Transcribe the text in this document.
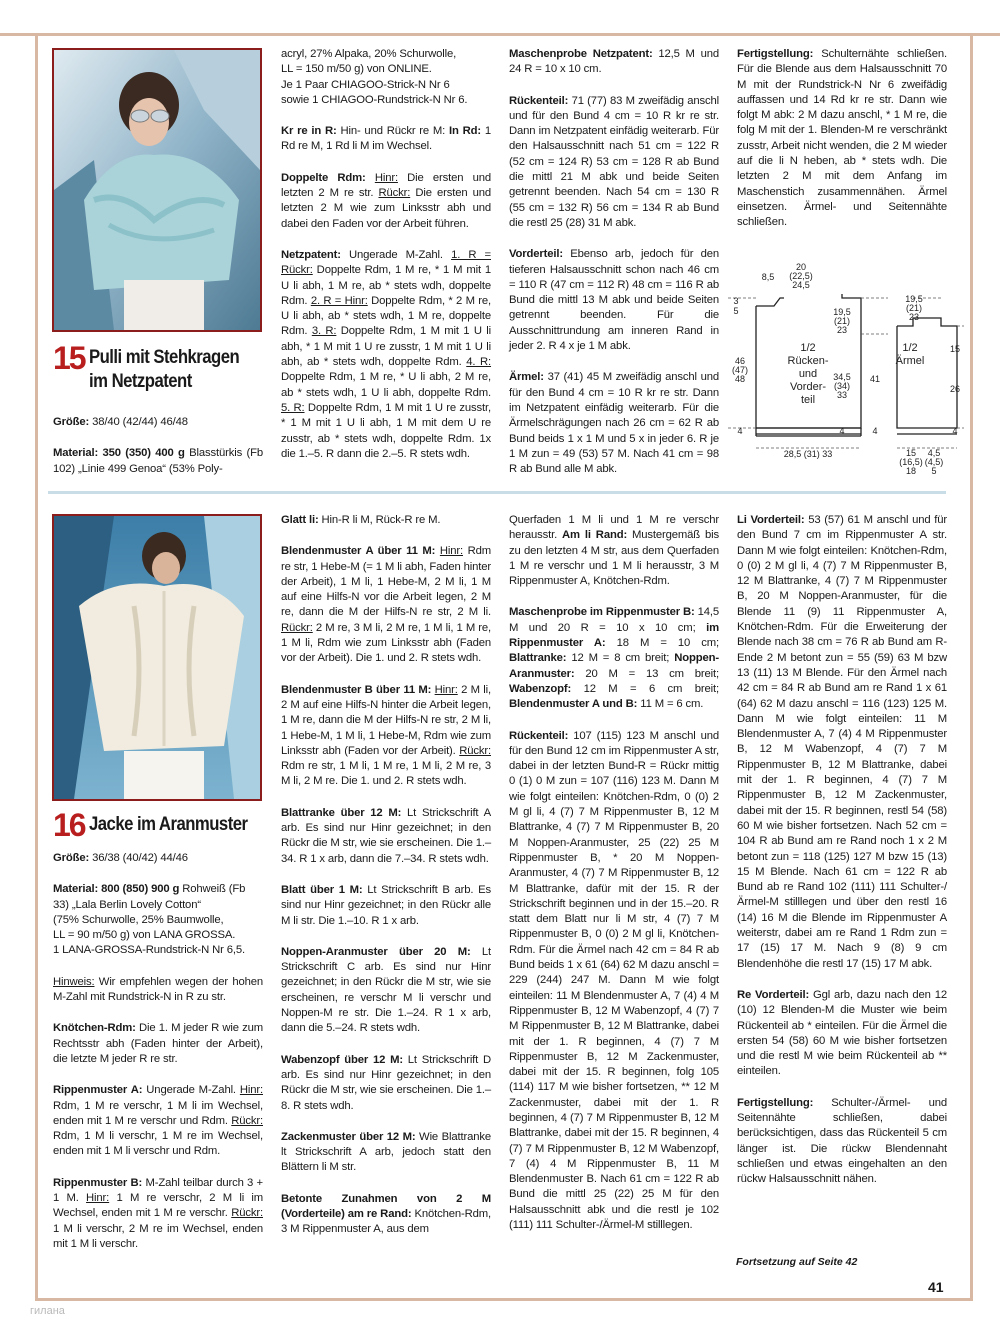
15 Pulli mit Stehkragen
im Netzpatent

Größe: 38/40 (42/44) 46/48

Material: 350 (350) 400 g Blasstürkis (Fb 102) „Linie 499 Genoa“ (53% Poly-

acryl, 27% Alpaka, 20% Schurwolle,
LL = 150 m/50 g) von ONLINE.
Je 1 Paar CHIAGOO-Strick-N Nr 6
sowie 1 CHIAGOO-Rundstrick-N Nr 6.

Kr re in R: Hin- und Rückr re M: In Rd: 1 Rd re M, 1 Rd li M im Wechsel.

Doppelte Rdm: Hinr: Die ersten und letzten 2 M re str. Rückr: Die ersten und letzten 2 M wie zum Linksstr abh und dabei den Faden vor der Arbeit führen.

Netzpatent: Ungerade M-Zahl. 1. R = Rückr: Doppelte Rdm, 1 M re, * 1 M mit 1 U li abh, 1 M re, ab * stets wdh, doppelte Rdm. 2. R = Hinr: Doppelte Rdm, * 2 M re, U li abh, ab * stets wdh, 1 M re, doppelte Rdm. 3. R: Doppelte Rdm, 1 M mit 1 U li abh, * 1 M mit 1 U re zusstr, 1 M mit 1 U li abh, ab * stets wdh, doppelte Rdm. 4. R: Doppelte Rdm, 1 M re, * U li abh, 2 M re, ab * stets wdh, 1 U li abh, doppelte Rdm. 5. R: Doppelte Rdm, 1 M mit 1 U re zusstr, * 1 M mit 1 U li abh, 1 M mit dem U re zusstr, ab * stets wdh, doppelte Rdm. 1x die 1.–5. R dann die 2.–5. R stets wdh.

Maschenprobe Netzpatent: 12,5 M und 24 R = 10 x 10 cm.

Rückenteil: 71 (77) 83 M zweifädig anschl und für den Bund 4 cm = 10 R kr re str. Dann im Netzpatent einfädig weiterarb. Für den Halsausschnitt nach 51 cm = 122 R (52 cm = 124 R) 53 cm = 128 R ab Bund die mittl 21 M abk und beide Seiten getrennt beenden. Nach 54 cm = 130 R (55 cm = 132 R) 56 cm = 134 R ab Bund die restl 25 (28) 31 M abk.

Vorderteil: Ebenso arb, jedoch für den tieferen Halsausschnitt schon nach 46 cm = 110 R (47 cm = 112 R) 48 cm = 116 R ab Bund die mittl 13 M abk und beide Seiten getrennt beenden. Für die Ausschnittrundung am inneren Rand in jeder 2. R 4 x je 1 M abk.

Ärmel: 37 (41) 45 M zweifädig anschl und für den Bund 4 cm = 10 R kr re str. Dann im Netzpatent einfädig weiterarb. Für die Ärmelschrägungen nach 26 cm = 62 R ab Bund beids 1 x 1 M und 5 x in jeder 6. R je 1 M zun = 49 (53) 57 M. Nach 41 cm = 98 R ab Bund alle M abk.

Fertigstellung: Schulternähte schließen. Für die Blende aus dem Halsausschnitt 70 M mit der Rundstrick-N Nr 6 zweifädig auffassen und 14 Rd kr re str. Dann wie folgt M abk: 2 M dazu anschl, * 1 M re, die folg M mit der 1. Blenden-M re verschränkt zusstr, Arbeit nicht wenden, die 2 M wieder auf die li N heben, ab * stets wdh. Die letzten 2 M mit dem Anfang im Maschenstich zusammennähen. Ärmel einsetzen. Ärmel- und Seitennähte schließen.

8,5
20 (22,5) 24,5
3
5	19,5 (21) 23
46 (47) 48	34,5 (34) 33
28,5 (31) 33
4	4
1/2 Rücken-und Vorder-teil
19,5 (21) 23
41
15
26
4	4
15 (16,5) 18
4,5 (4,5) 5
1/2 Ärmel
16 Jacke im Aranmuster

Größe: 36/38 (40/42) 44/46

Material: 800 (850) 900 g Rohweiß (Fb 33) „Lala Berlin Lovely Cotton“
(75% Schurwolle, 25% Baumwolle,
LL = 90 m/50 g) von LANA GROSSA.
1 LANA-GROSSA-Rundstrick-N Nr 6,5.

Hinweis: Wir empfehlen wegen der hohen M-Zahl mit Rundstrick-N in R zu str.

Knötchen-Rdm: Die 1. M jeder R wie zum Rechtsstr abh (Faden hinter der Arbeit), die letzte M jeder R re str.

Rippenmuster A: Ungerade M-Zahl. Hinr: Rdm, 1 M re verschr, 1 M li im Wechsel, enden mit 1 M re verschr und Rdm. Rückr: Rdm, 1 M li verschr, 1 M re im Wechsel, enden mit 1 M li verschr und Rdm.

Rippenmuster B: M-Zahl teilbar durch 3 + 1 M. Hinr: 1 M re verschr, 2 M li im Wechsel, enden mit 1 M re verschr. Rückr: 1 M li verschr, 2 M re im Wechsel, enden mit 1 M li verschr.

Glatt li: Hin-R li M, Rück-R re M.

Blendenmuster A über 11 M: Hinr: Rdm re str, 1 Hebe-M (= 1 M li abh, Faden hinter der Arbeit), 1 M li, 1 Hebe-M, 2 M li, 1 M auf eine Hilfs-N vor die Arbeit legen, 2 M re, dann die M der Hilfs-N re str, 2 M li. Rückr: 2 M re, 3 M li, 2 M re, 1 M li, 1 M re, 1 M li, Rdm wie zum Linksstr abh (Faden vor der Arbeit). Die 1. und 2. R stets wdh.

Blendenmuster B über 11 M: Hinr: 2 M li, 2 M auf eine Hilfs-N hinter die Arbeit legen, 1 M re, dann die M der Hilfs-N re str, 2 M li, 1 Hebe-M, 1 M li, 1 Hebe-M, Rdm wie zum Linksstr abh (Faden vor der Arbeit). Rückr: Rdm re str, 1 M li, 1 M re, 1 M li, 2 M re, 3 M li, 2 M re. Die 1. und 2. R stets wdh.

Blattranke über 12 M: Lt Strickschrift A arb. Es sind nur Hinr gezeichnet; in den Rückr die M str, wie sie erscheinen. Die 1.–34. R 1 x arb, dann die 7.–34. R stets wdh.

Blatt über 1 M: Lt Strickschrift B arb. Es sind nur Hinr gezeichnet; in den Rückr alle M li str. Die 1.–10. R 1 x arb.

Noppen-Aranmuster über 20 M: Lt Strickschrift C arb. Es sind nur Hinr gezeichnet; in den Rückr die M str, wie sie erscheinen, re verschr M li verschr und Noppen-M re str. Die 1.–24. R 1 x arb, dann die 5.–24. R stets wdh.

Wabenzopf über 12 M: Lt Strickschrift D arb. Es sind nur Hinr gezeichnet; in den Rückr die M str, wie sie erscheinen. Die 1.–8. R stets wdh.

Zackenmuster über 12 M: Wie Blattranke lt Strickschrift A arb, jedoch statt den Blättern li M str.

Betonte Zunahmen von 2 M (Vorderteile) am re Rand: Knötchen-Rdm, 3 M Rippenmuster A, aus dem

Querfaden 1 M li und 1 M re verschr herausstr. Am li Rand: Mustergemäß bis zu den letzten 4 M str, aus dem Querfaden 1 M re verschr und 1 M li herausstr, 3 M Rippenmuster A, Knötchen-Rdm.

Maschenprobe im Rippenmuster B: 14,5 M und 20 R = 10 x 10 cm; im Rippenmuster A: 18 M = 10 cm; Blattranke: 12 M = 8 cm breit; Noppen-Aranmuster: 20 M = 13 cm breit; Wabenzopf: 12 M = 6 cm breit; Blendenmuster A und B: 11 M = 6 cm.

Rückenteil: 107 (115) 123 M anschl und für den Bund 12 cm im Rippenmuster A str, dabei in der letzten Bund-R = Rückr mittig 0 (1) 0 M zun = 107 (116) 123 M. Dann M wie folgt einteilen: Knötchen-Rdm, 0 (0) 2 M gl li, 4 (7) 7 M Rippenmuster B, 12 M Blattranke, 4 (7) 7 M Rippenmuster B, 20 M Noppen-Aranmuster, 25 (22) 25 M Rippenmuster B, * 20 M Noppen-Aranmuster, 4 (7) 7 M Rippenmuster B, 12 M Blattranke, dafür mit der 15. R der Strickschrift beginnen und in der 15.–20. R statt dem Blatt nur li M str, 4 (7) 7 M Rippenmuster B, 0 (0) 2 M gl li, Knötchen-Rdm. Für die Ärmel nach 42 cm = 84 R ab Bund beids 1 x 61 (64) 62 M dazu anschl = 229 (244) 247 M. Dann M wie folgt einteilen: 11 M Blendenmuster A, 7 (4) 4 M Rippenmuster B, 12 M Wabenzopf, 4 (7) 7 M Rippenmuster B, 12 M Blattranke, dabei mit der 1. R beginnen, 4 (7) 7 M Rippenmuster B, 12 M Zackenmuster, dabei mit der 15. R beginnen, folg 105 (114) 117 M wie bisher fortsetzen, ** 12 M Zackenmuster, dabei mit der 1. R beginnen, 4 (7) 7 M Rippenmuster B, 12 M Blattranke, dabei mit der 15. R beginnen, 4 (7) 7 M Rippenmuster B, 12 M Wabenzopf, 7 (4) 4 M Rippenmuster B, 11 M Blendenmuster B. Nach 61 cm = 122 R ab Bund die mittl 25 (22) 25 M für den Halsausschnitt abk und die restl je 102 (111) 111 Schulter-/Ärmel-M stilllegen.

Li Vorderteil: 53 (57) 61 M anschl und für den Bund 7 cm im Rippenmuster A str. Dann M wie folgt einteilen: Knötchen-Rdm, 0 (0) 2 M gl li, 4 (7) 7 M Rippenmuster B, 12 M Blattranke, 4 (7) 7 M Rippenmuster B, 20 M Noppen-Aranmuster, für die Blende 11 (9) 11 Rippenmuster A, Knötchen-Rdm. Für die Erweiterung der Blende nach 38 cm = 76 R ab Bund am R-Ende 2 M betont zun = 55 (59) 63 M bzw 13 (11) 13 M Blende. Für den Ärmel nach 42 cm = 84 R ab Bund am re Rand 1 x 61 (64) 62 M dazu anschl = 116 (123) 125 M. Dann M wie folgt einteilen: 11 M Blendenmuster A, 7 (4) 4 M Rippenmuster B, 12 M Wabenzopf, 4 (7) 7 M Rippenmuster B, 12 M Blattranke, dabei mit der 1. R beginnen, 4 (7) 7 M Rippenmuster B, 12 M Zackenmuster, dabei mit der 15. R beginnen, restl 54 (58) 60 M wie bisher fortsetzen. Nach 52 cm = 104 R ab Bund am re Rand noch 1 x 2 M betont zun = 118 (125) 127 M bzw 15 (13) 15 M Blende. Nach 61 cm = 122 R ab Bund ab re Rand 102 (111) 111 Schulter-/Ärmel-M stilllegen und über den restl 16 (14) 16 M die Blende im Rippenmuster A weiterstr, dabei am re Rand 1 Rdm zun = 17 (15) 17 M. Nach 9 (8) 9 cm Blendenhöhe die restl 17 (15) 17 M abk.

Re Vorderteil: Ggl arb, dazu nach den 12 (10) 12 Blenden-M die Muster wie beim Rückenteil ab * einteilen. Für die Ärmel die ersten 54 (58) 60 M wie bisher fortsetzen und die restl M wie beim Rückenteil ab ** einteilen.

Fertigstellung: Schulter-/Ärmel- und Seitennähte schließen, dabei berücksichtigen, dass das Rückenteil 5 cm länger ist. Die rückw Blendennaht schließen und etwas eingehalten an den rückw Halsausschnitt nähen.

Fortsetzung auf Seite 42
41
гилана
